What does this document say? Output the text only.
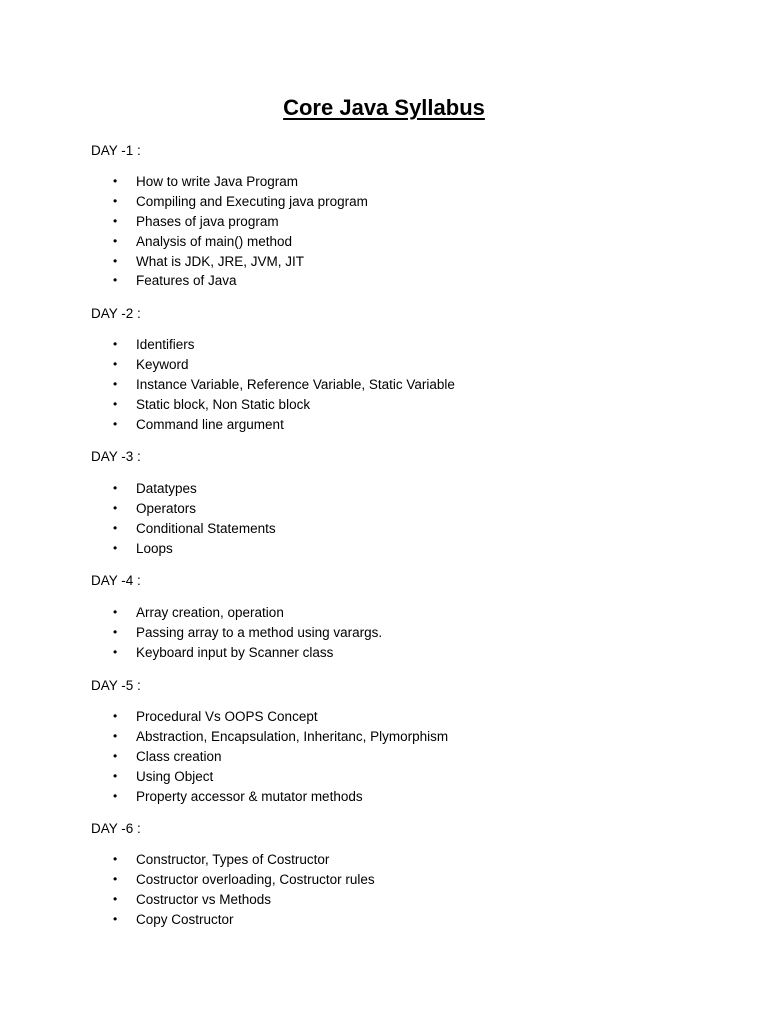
Core Java Syllabus
DAY -1 :
• How to write Java Program
• Compiling and Executing java program
• Phases of java program
• Analysis of main() method
• What is JDK, JRE, JVM, JIT
• Features of Java
DAY -2 :
• Identifiers
• Keyword
• Instance Variable, Reference Variable, Static Variable
• Static block, Non Static block
• Command line argument
DAY -3 :
• Datatypes
• Operators
• Conditional Statements
• Loops
DAY -4 :
• Array creation, operation
• Passing array to a method using varargs.
• Keyboard input by Scanner class
DAY -5 :
• Procedural Vs OOPS Concept
• Abstraction, Encapsulation, Inheritanc, Plymorphism
• Class creation
• Using Object
• Property accessor & mutator methods
DAY -6 :
• Constructor, Types of Costructor
• Costructor overloading, Costructor rules
• Costructor vs Methods
• Copy Costructor
